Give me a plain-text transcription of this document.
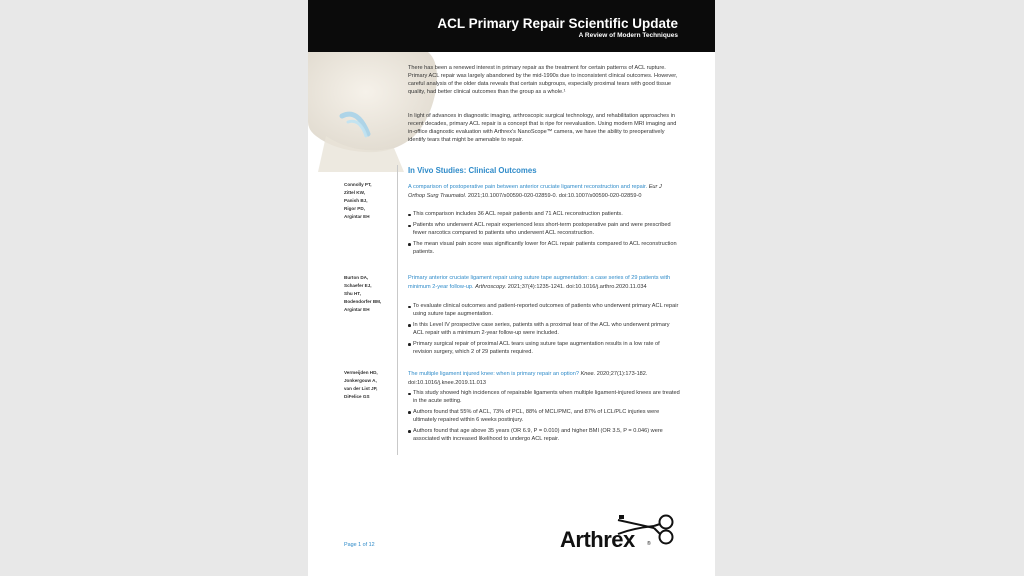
ACL Primary Repair Scientific Update
A Review of Modern Techniques

There has been a renewed interest in primary repair as the treatment for certain patterns of ACL rupture. Primary ACL repair was largely abandoned by the mid-1990s due to inconsistent clinical outcomes. However, careful analysis of the older data reveals that certain subgroups, especially proximal tears with good tissue quality, had better clinical outcomes than the group as a whole.¹

In light of advances in diagnostic imaging, arthroscopic surgical technology, and rehabilitation approaches in recent decades, primary ACL repair is a concept that is ripe for reevaluation. Using modern MRI imaging and in-office diagnostic evaluation with Arthrex's NanoScope™ camera, we have the ability to preoperatively identify tears that might be amenable to repair.

In Vivo Studies: Clinical Outcomes
Connolly PT,
Zittel KW,
Panish BJ,
Rigor PD,
Argintar EH
A comparison of postoperative pain between anterior cruciate ligament reconstruction and repair. Eur J Orthop Surg Traumatol. 2021;10.1007/s00590-020-02859-0. doi:10.1007/s00590-020-02859-0
This comparison includes 36 ACL repair patients and 71 ACL reconstruction patients.
Patients who underwent ACL repair experienced less short-term postoperative pain and were prescribed fewer narcotics compared to patients who underwent ACL reconstruction.
The mean visual pain score was significantly lower for ACL repair patients compared to ACL reconstruction patients.
Burton DA,
Schaefer EJ,
Shu HT,
Bodendorfer BM,
Argintar EH
Primary anterior cruciate ligament repair using suture tape augmentation: a case series of 29 patients with minimum 2-year follow-up. Arthroscopy. 2021;37(4):1235-1241. doi:10.1016/j.arthro.2020.11.034
To evaluate clinical outcomes and patient-reported outcomes of patients who underwent primary ACL repair using suture tape augmentation.
In this Level IV prospective case series, patients with a proximal tear of the ACL who underwent primary ACL repair with a minimum 2-year follow-up were included.
Primary surgical repair of proximal ACL tears using suture tape augmentation results in a low rate of revision surgery, which 2 of 29 patients required.
Vermeijden HD,
Jonkergouw A,
van der List JP,
DiFelice GS
The multiple ligament injured knee: when is primary repair an option? Knee. 2020;27(1):173-182. doi:10.1016/j.knee.2019.11.013
This study showed high incidences of repairable ligaments when multiple ligament-injured knees are treated in the acute setting.
Authors found that 55% of ACL, 73% of PCL, 88% of MCL/PMC, and 87% of LCL/PLC injuries were ultimately repaired within 6 weeks postinjury.
Authors found that age above 35 years (OR 6.9, P = 0.010) and higher BMI (OR 3.5, P = 0.046) were associated with increased likelihood to undergo ACL repair.
Page 1 of 12	Arthrex ®
